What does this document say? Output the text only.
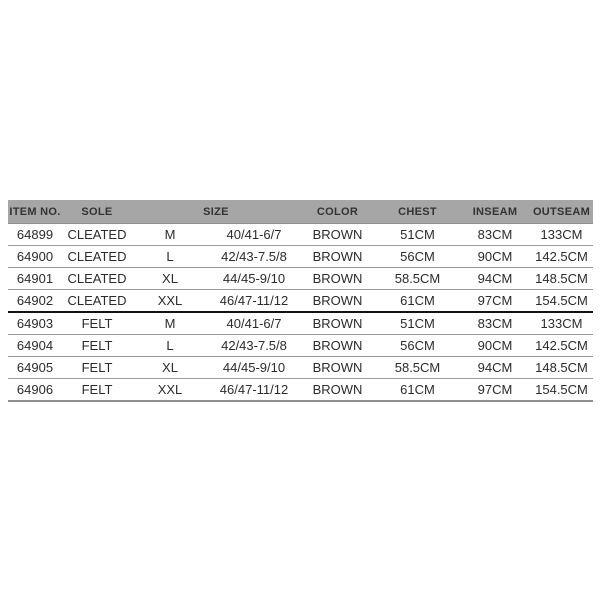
ITEM NO.	SOLE	SIZE		COLOR	CHEST	INSEAM	OUTSEAM
64899	CLEATED	M	40/41-6/7	BROWN	51CM	83CM	133CM
64900	CLEATED	L	42/43-7.5/8	BROWN	56CM	90CM	142.5CM
64901	CLEATED	XL	44/45-9/10	BROWN	58.5CM	94CM	148.5CM
64902	CLEATED	XXL	46/47-11/12	BROWN	61CM	97CM	154.5CM
64903	FELT	M	40/41-6/7	BROWN	51CM	83CM	133CM
64904	FELT	L	42/43-7.5/8	BROWN	56CM	90CM	142.5CM
64905	FELT	XL	44/45-9/10	BROWN	58.5CM	94CM	148.5CM
64906	FELT	XXL	46/47-11/12	BROWN	61CM	97CM	154.5CM
